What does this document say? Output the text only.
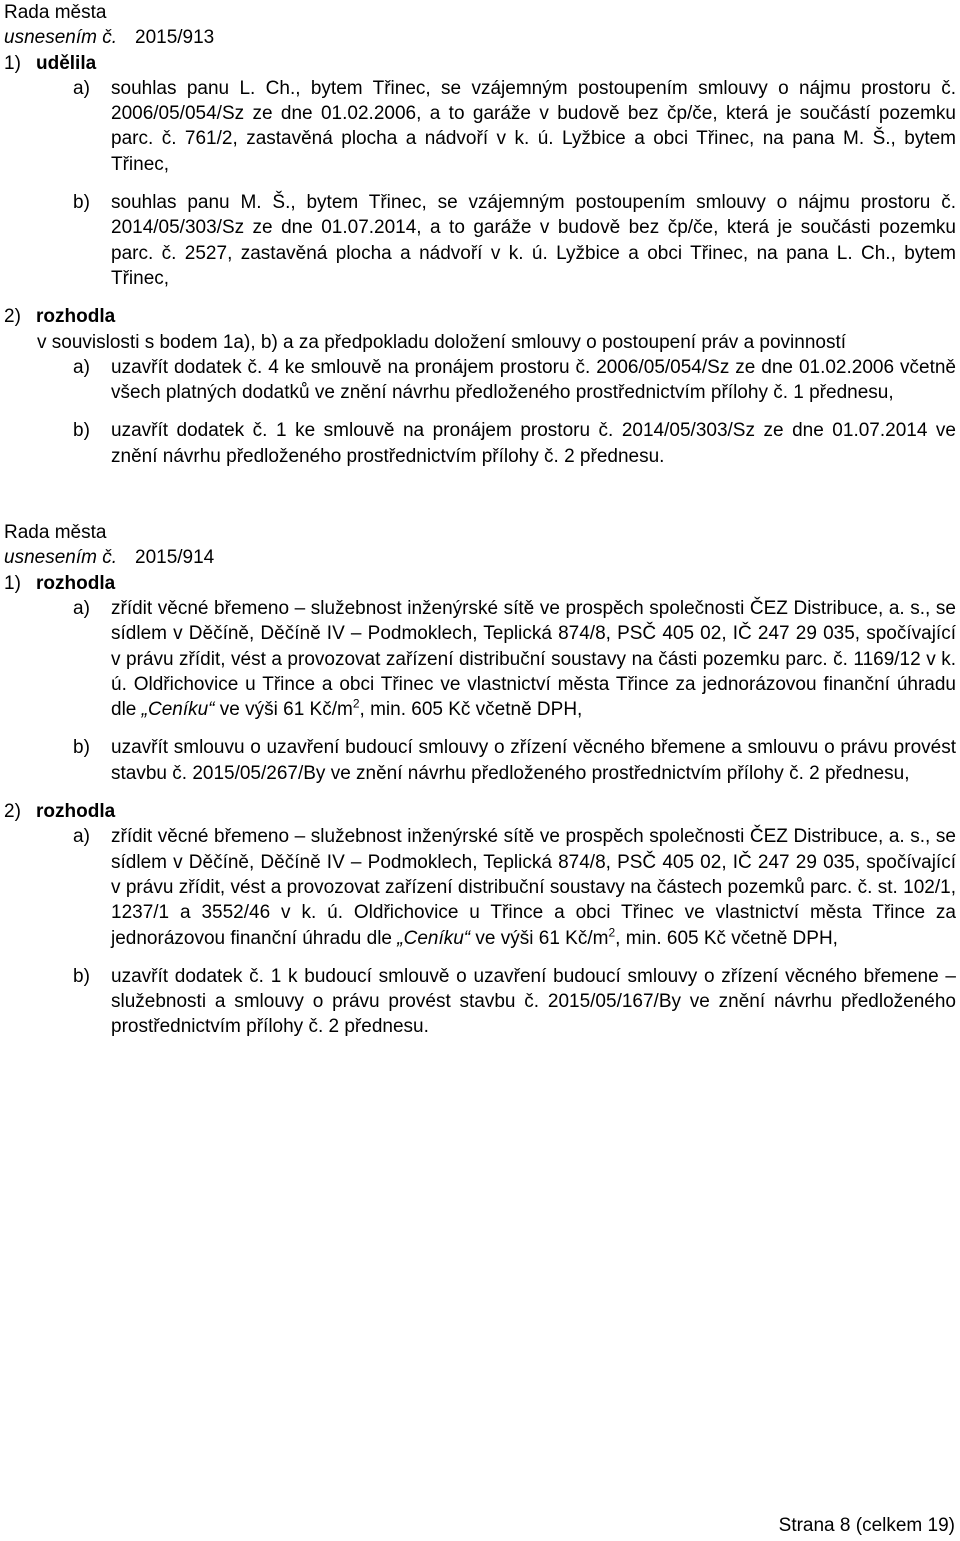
Rada města
usnesením č. 2015/913
1) udělila
a) souhlas panu L. Ch., bytem Třinec, se vzájemným postoupením smlouvy o nájmu prostoru č. 2006/05/054/Sz ze dne 01.02.2006, a to garáže v budově bez čp/če, která je součástí pozemku parc. č. 761/2, zastavěná plocha a nádvoří v k. ú. Lyžbice a obci Třinec, na pana M. Š., bytem Třinec,
b) souhlas panu M. Š., bytem Třinec, se vzájemným postoupením smlouvy o nájmu prostoru č. 2014/05/303/Sz ze dne 01.07.2014, a to garáže v budově bez čp/če, která je součásti pozemku parc. č. 2527, zastavěná plocha a nádvoří v k. ú. Lyžbice a obci Třinec, na pana L. Ch., bytem Třinec,
2) rozhodla
v souvislosti s bodem 1a), b) a za předpokladu doložení smlouvy o postoupení práv a povinností
a) uzavřít dodatek č. 4 ke smlouvě na pronájem prostoru č. 2006/05/054/Sz ze dne 01.02.2006 včetně všech platných dodatků ve znění návrhu předloženého prostřednictvím přílohy č. 1 přednesu,
b) uzavřít dodatek č. 1 ke smlouvě na pronájem prostoru č. 2014/05/303/Sz ze dne 01.07.2014 ve znění návrhu předloženého prostřednictvím přílohy č. 2 přednesu.
Rada města
usnesením č. 2015/914
1) rozhodla
a) zřídit věcné břemeno – služebnost inženýrské sítě ve prospěch společnosti ČEZ Distribuce, a. s., se sídlem v Děčíně, Děčíně IV – Podmoklech, Teplická 874/8, PSČ 405 02, IČ 247 29 035, spočívající v právu zřídit, vést a provozovat zařízení distribuční soustavy na části pozemku parc. č. 1169/12 v k. ú. Oldřichovice u Třince a obci Třinec ve vlastnictví města Třince za jednorázovou finanční úhradu dle „Ceníku“ ve výši 61 $Kč/m^2$, min. 605 Kč včetně DPH,
b) uzavřít smlouvu o uzavření budoucí smlouvy o zřízení věcného břemene a smlouvu o právu provést stavbu č. 2015/05/267/By ve znění návrhu předloženého prostřednictvím přílohy č. 2 přednesu,
2) rozhodla
a) zřídit věcné břemeno – služebnost inženýrské sítě ve prospěch společnosti ČEZ Distribuce, a. s., se sídlem v Děčíně, Děčíně IV – Podmoklech, Teplická 874/8, PSČ 405 02, IČ 247 29 035, spočívající v právu zřídit, vést a provozovat zařízení distribuční soustavy na částech pozemků parc. č. st. 102/1, 1237/1 a 3552/46 v k. ú. Oldřichovice u Třince a obci Třinec ve vlastnictví města Třince za jednorázovou finanční úhradu dle „Ceníku“ ve výši 61 $Kč/m^2$, min. 605 Kč včetně DPH,
b) uzavřít dodatek č. 1 k budoucí smlouvě o uzavření budoucí smlouvy o zřízení věcného břemene – služebnosti a smlouvy o právu provést stavbu č. 2015/05/167/By ve znění návrhu předloženého prostřednictvím přílohy č. 2 přednesu.
Strana 8 (celkem 19)
